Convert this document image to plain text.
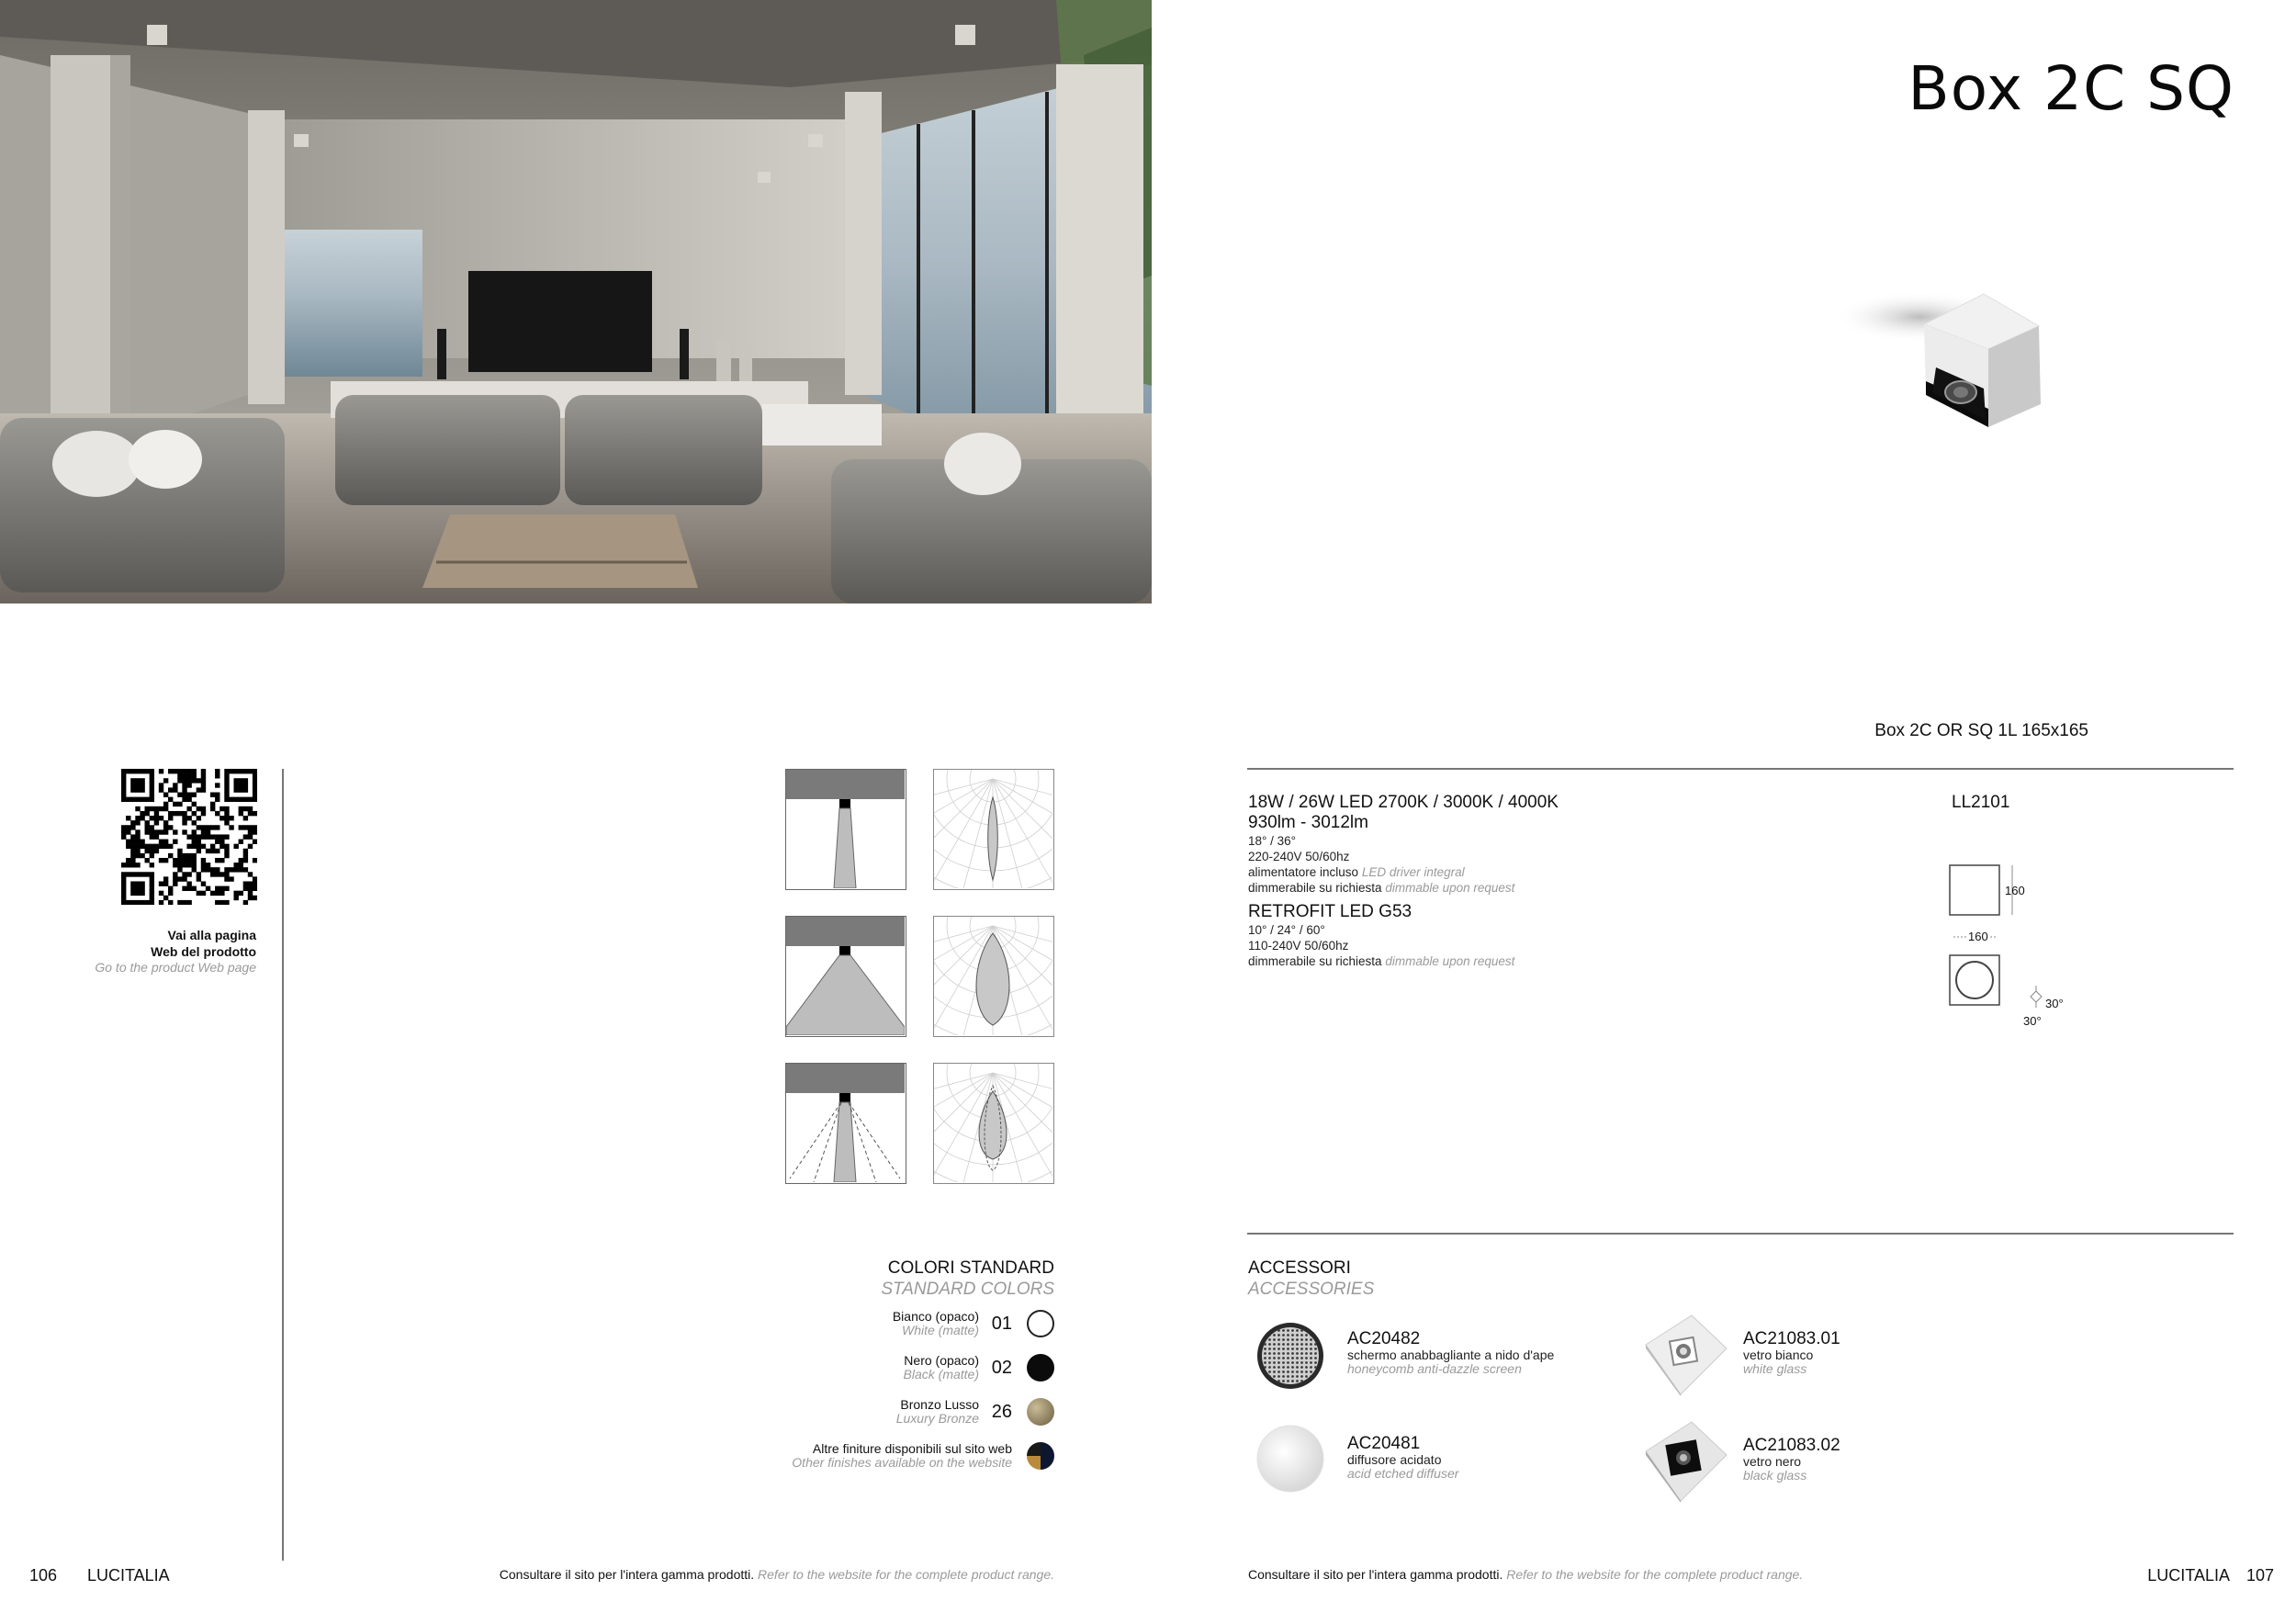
Vai alla pagina
Web del prodotto
Go to the product Web page
COLORI STANDARD
STANDARD COLORS
Bianco (opaco)
White (matte) 01
Nero (opaco)
Black (matte) 02
Bronzo Lusso
Luxury Bronze 26
Altre finiture disponibili sul sito web
Other finishes available on the website
106 LUCITALIA	Consultare il sito per l'intera gamma prodotti. Refer to the website for the complete product range.
Box 2C SQ
Box 2C OR SQ 1L 165x165
18W / 26W LED 2700K / 3000K / 4000K
930lm - 3012lm
18° / 36°
220-240V 50/60hz
alimentatore incluso LED driver integral
dimmerabile su richiesta dimmable upon request
RETROFIT LED G53
10° / 24° / 60°
110-240V 50/60hz
dimmerabile su richiesta dimmable upon request
LL2101
160
160
30°
30°
ACCESSORI
ACCESSORIES
AC20482
schermo anabbagliante a nido d'ape
honeycomb anti-dazzle screen
AC21083.01
vetro bianco
white glass
AC20481
diffusore acidato
acid etched diffuser
AC21083.02
vetro nero
black glass
Consultare il sito per l'intera gamma prodotti. Refer to the website for the complete product range.	LUCITALIA 107
